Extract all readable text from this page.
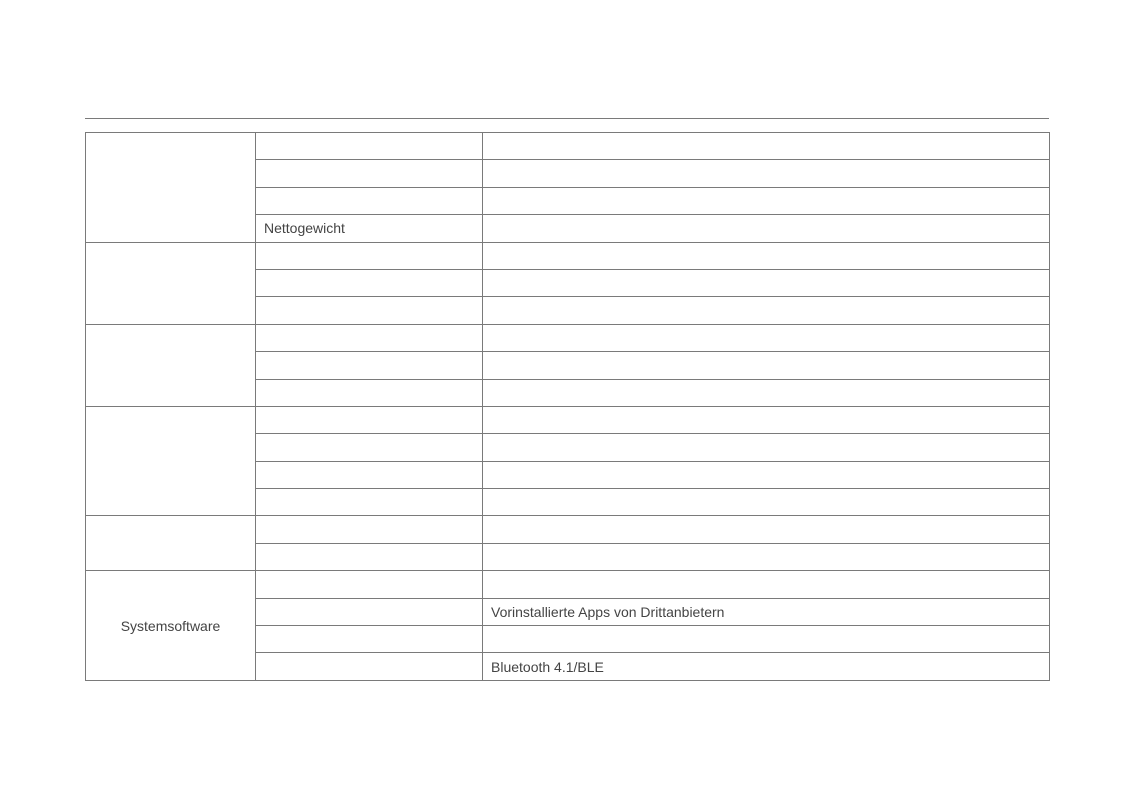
	Nettogewicht	

Systemsoftware		
		Vorinstallierte Apps von Drittanbietern

		Bluetooth 4.1/BLE
